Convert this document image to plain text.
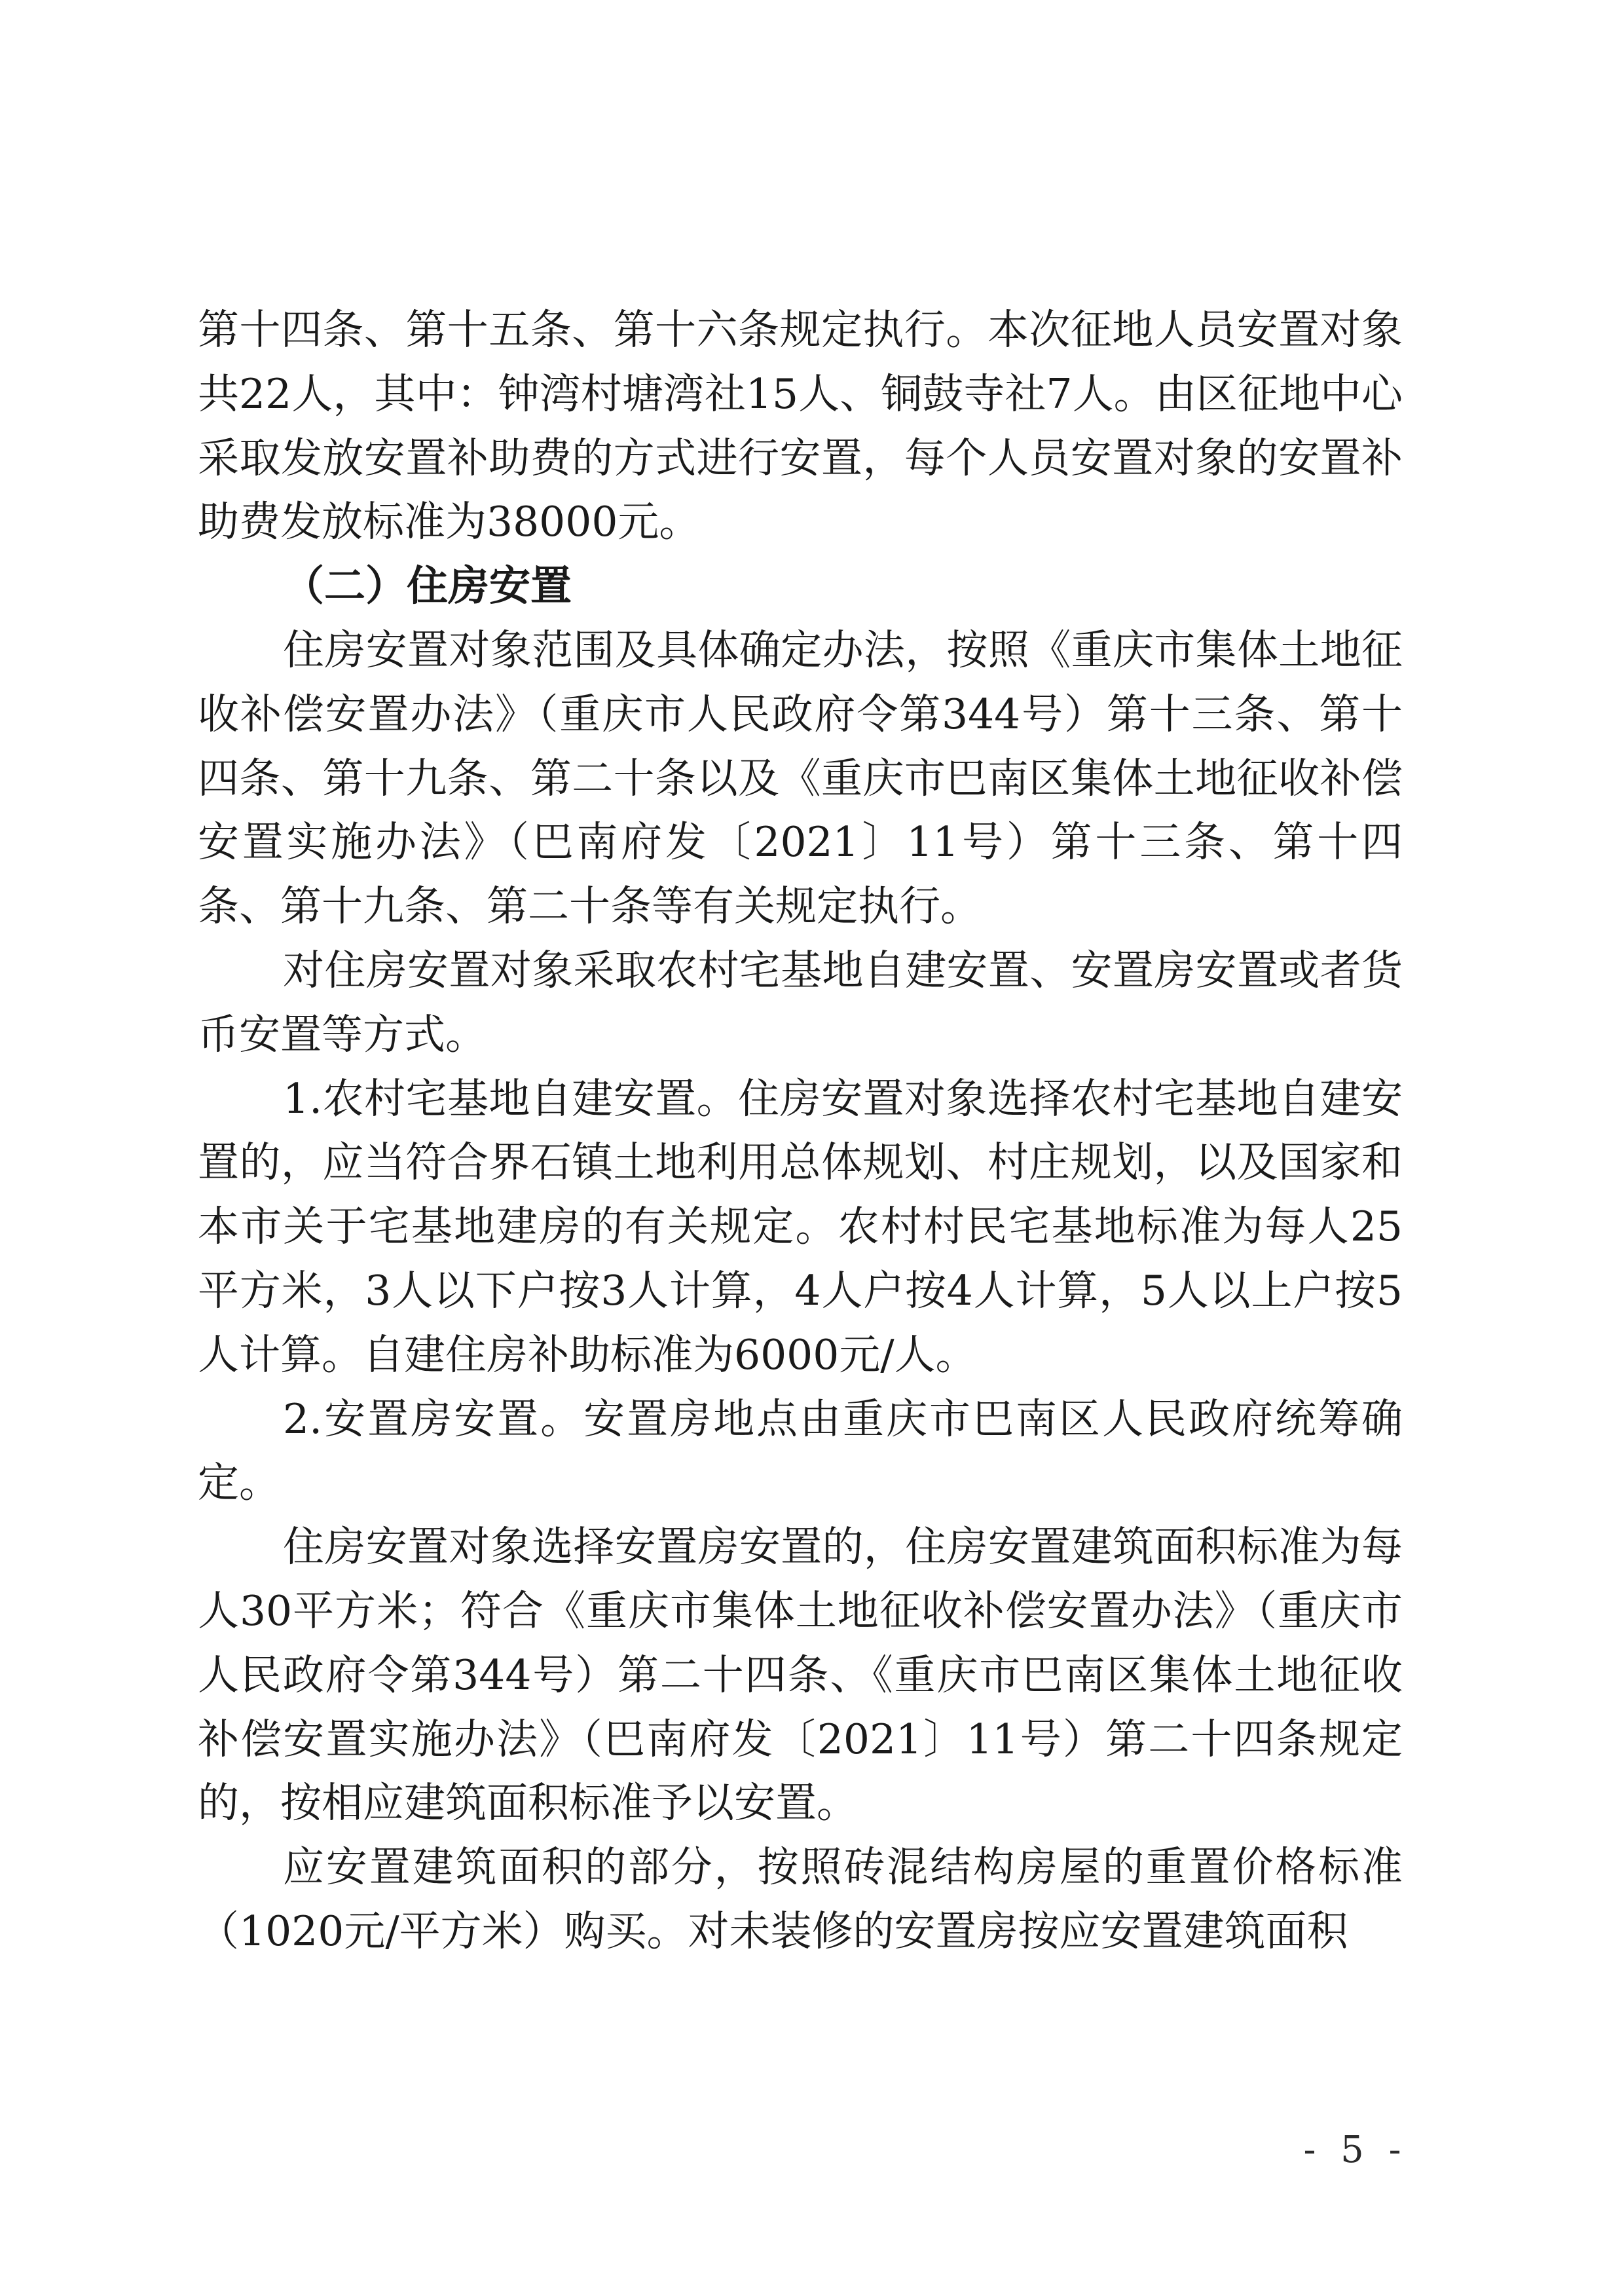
第十四条、第十五条、第十六条规定执行。本次征地人员安置对象共22人，其中：钟湾村塘湾社15人、铜鼓寺社7人。由区征地中心采取发放安置补助费的方式进行安置，每个人员安置对象的安置补助费发放标准为38000元。

（二）住房安置

住房安置对象范围及具体确定办法，按照《重庆市集体土地征收补偿安置办法》（重庆市人民政府令第344号）第十三条、第十四条、第十九条、第二十条以及《重庆市巴南区集体土地征收补偿安置实施办法》（巴南府发〔2021〕11号）第十三条、第十四条、第十九条、第二十条等有关规定执行。

对住房安置对象采取农村宅基地自建安置、安置房安置或者货币安置等方式。

1.农村宅基地自建安置。住房安置对象选择农村宅基地自建安置的，应当符合界石镇土地利用总体规划、村庄规划，以及国家和本市关于宅基地建房的有关规定。农村村民宅基地标准为每人25平方米，3人以下户按3人计算，4人户按4人计算，5人以上户按5人计算。自建住房补助标准为6000元/人。

2.安置房安置。安置房地点由重庆市巴南区人民政府统筹确定。

住房安置对象选择安置房安置的，住房安置建筑面积标准为每人30平方米；符合《重庆市集体土地征收补偿安置办法》（重庆市人民政府令第344号）第二十四条、《重庆市巴南区集体土地征收补偿安置实施办法》（巴南府发〔2021〕11号）第二十四条规定的，按相应建筑面积标准予以安置。

应安置建筑面积的部分，按照砖混结构房屋的重置价格标准（1020元/平方米）购买。对未装修的安置房按应安置建筑面积

- 5 -
